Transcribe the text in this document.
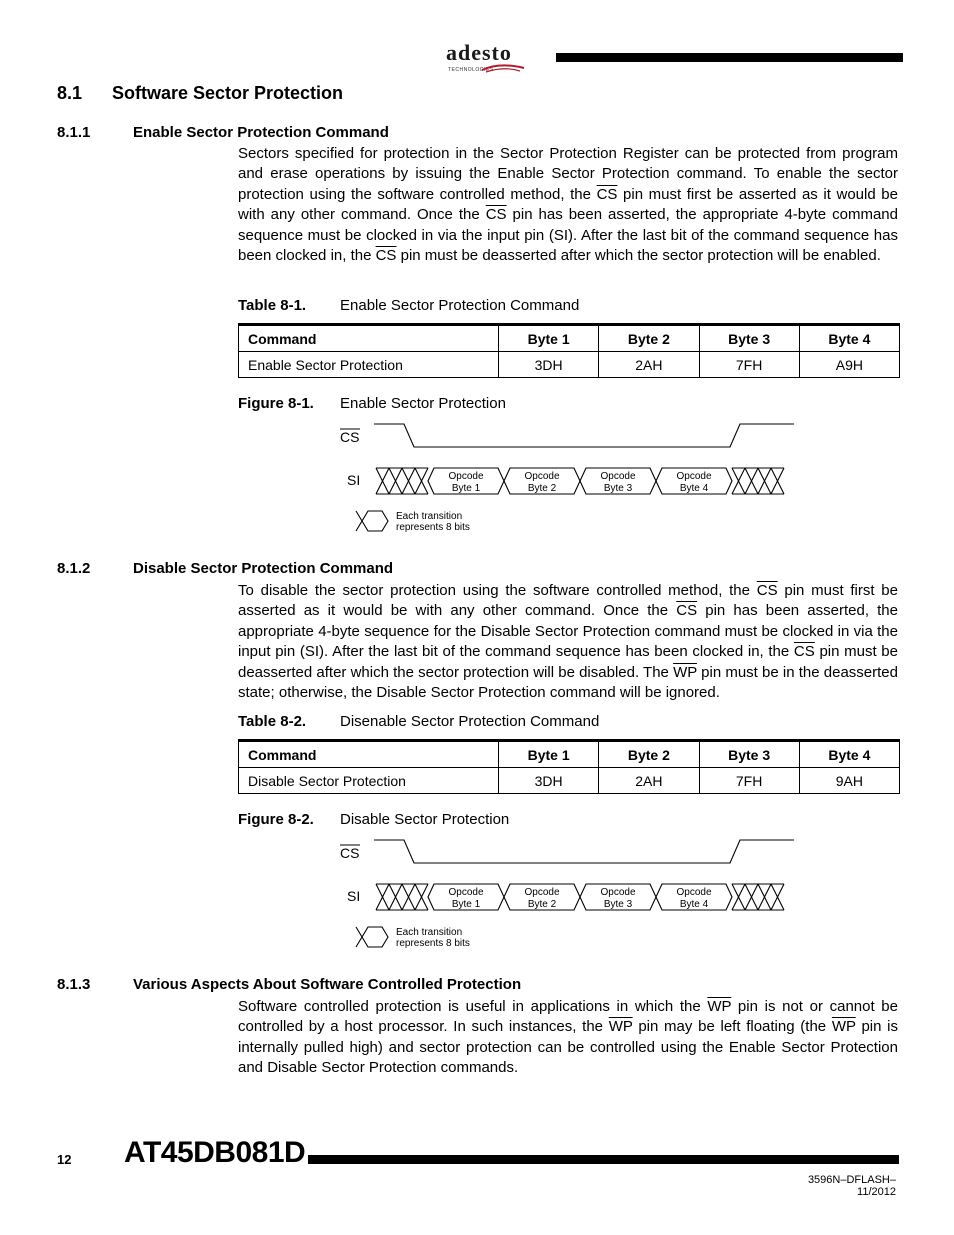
adesto
TECHNOLOGIES
8.1 Software Sector Protection
8.1.1	Enable Sector Protection Command
Sectors specified for protection in the Sector Protection Register can be protected from program and erase operations by issuing the Enable Sector Protection command. To enable the sector protection using the software controlled method, the $\overline{CS}$ pin must first be asserted as it would be with any other command. Once the $\overline{CS}$ pin has been asserted, the appropriate 4-byte command sequence must be clocked in via the input pin (SI). After the last bit of the command sequence has been clocked in, the $\overline{CS}$ pin must be deasserted after which the sector protection will be enabled.
Table 8-1. Enable Sector Protection Command
Command	Byte 1	Byte 2	Byte 3	Byte 4
Enable Sector Protection	3DH	2AH	7FH	A9H
Figure 8-1. Enable Sector Protection
CS
SI	Opcode
Byte 1
Opcode
Byte 2
Opcode
Byte 3
Opcode
Byte 4
Each transition
represents 8 bits
8.1.2	Disable Sector Protection Command
To disable the sector protection using the software controlled method, the $\overline{CS}$ pin must first be asserted as it would be with any other command. Once the $\overline{CS}$ pin has been asserted, the appropriate 4-byte sequence for the Disable Sector Protection command must be clocked in via the input pin (SI). After the last bit of the command sequence has been clocked in, the $\overline{CS}$ pin must be deasserted after which the sector protection will be disabled. The $\overline{WP}$ pin must be in the deasserted state; otherwise, the Disable Sector Protection command will be ignored.
Table 8-2. Disenable Sector Protection Command
Command	Byte 1	Byte 2	Byte 3	Byte 4
Disable Sector Protection	3DH	2AH	7FH	9AH
Figure 8-2. Disable Sector Protection
CS
SI	Opcode
Byte 1
Opcode
Byte 2
Opcode
Byte 3
Opcode
Byte 4
Each transition
represents 8 bits
8.1.3	Various Aspects About Software Controlled Protection
Software controlled protection is useful in applications in which the $\overline{WP}$ pin is not or cannot be controlled by a host processor. In such instances, the $\overline{WP}$ pin may be left floating (the $\overline{WP}$ pin is internally pulled high) and sector protection can be controlled using the Enable Sector Protection and Disable Sector Protection commands.
12 AT45DB081D
3596N–DFLASH–11/2012
